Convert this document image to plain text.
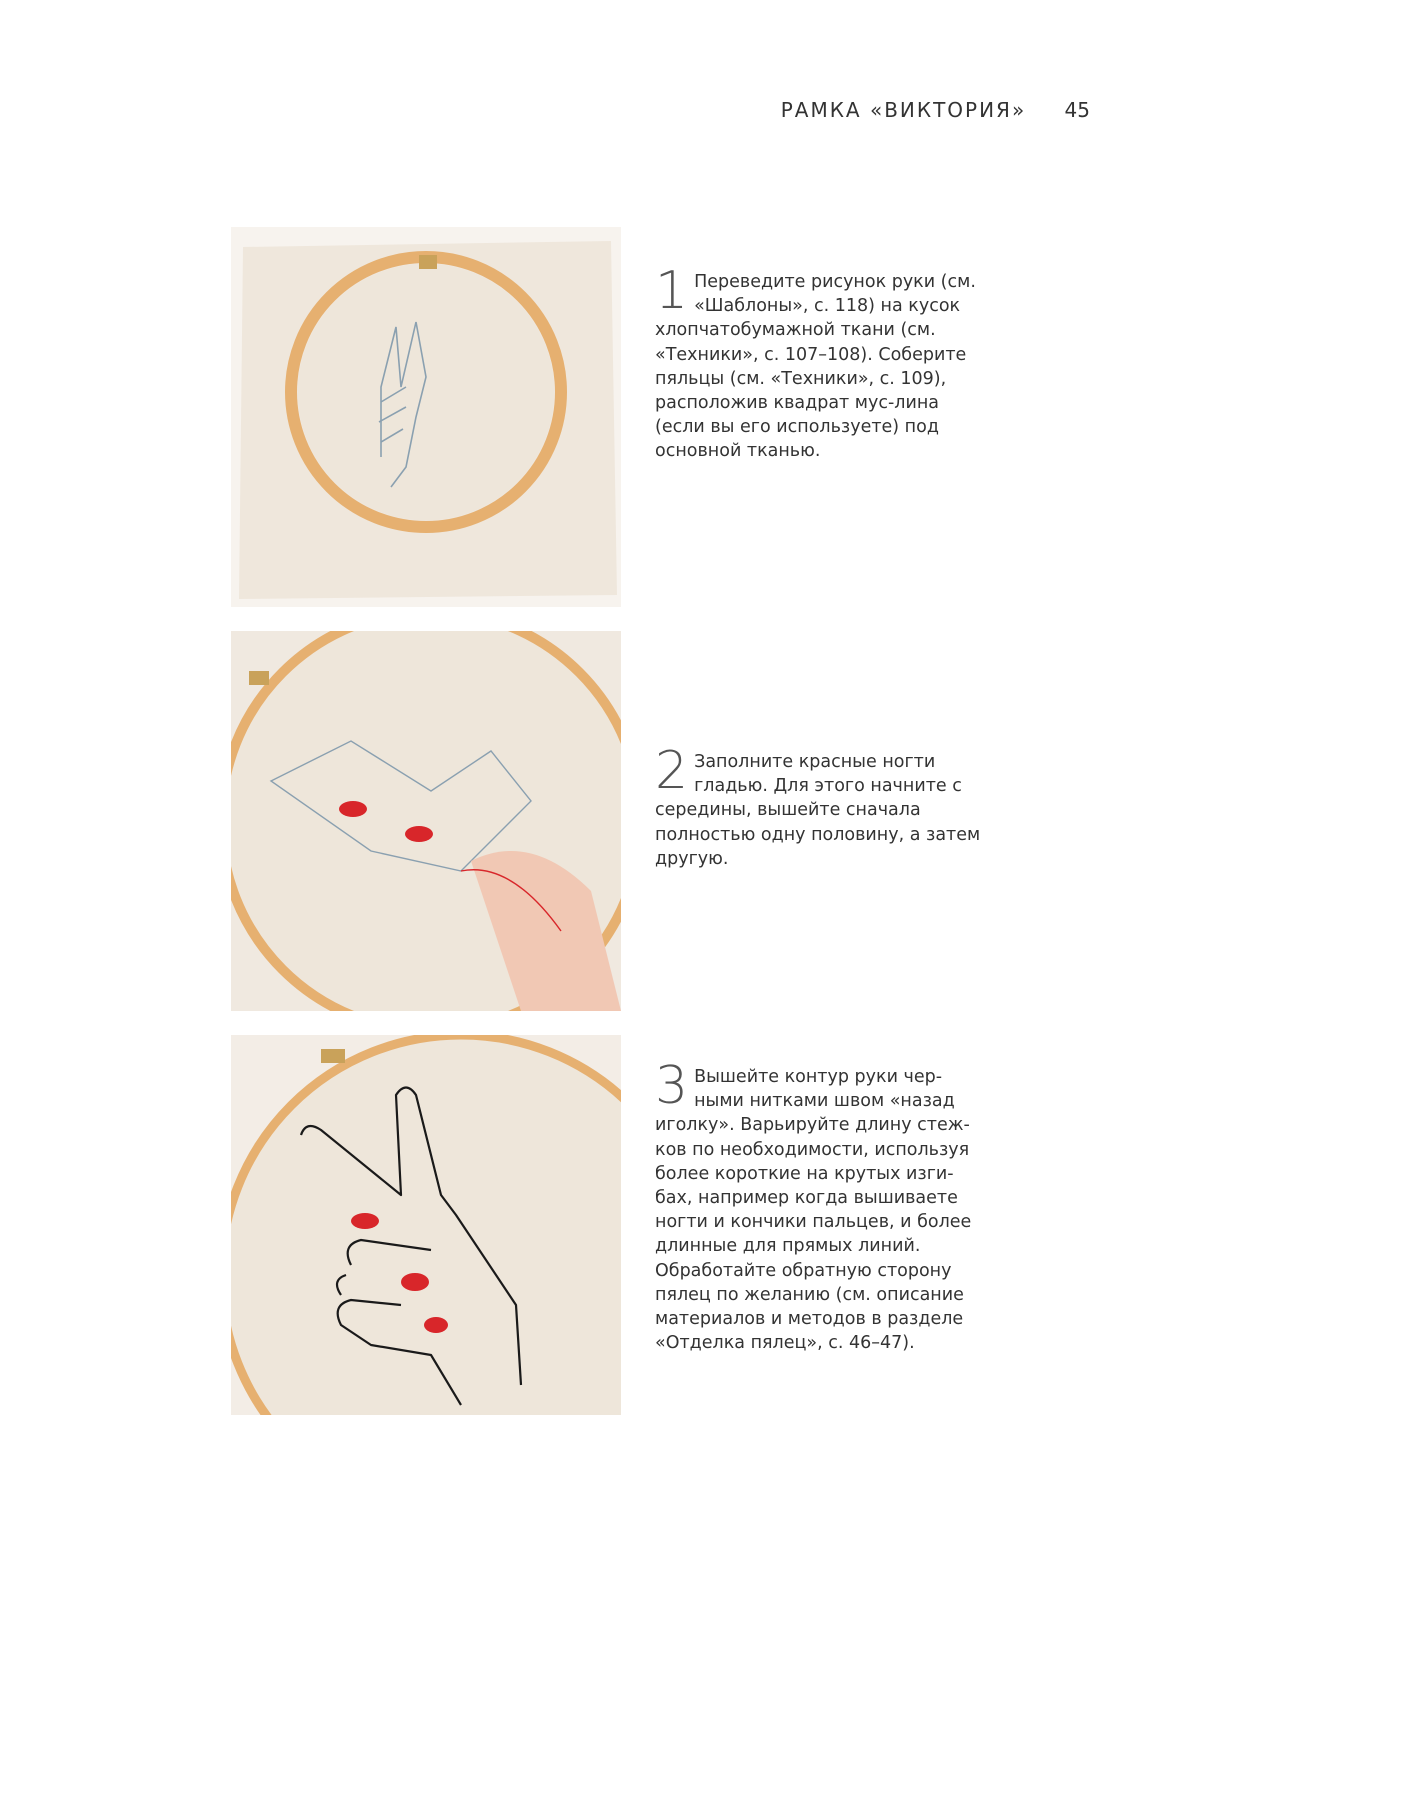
РАМКА «ВИКТОРИЯ» 45
1 Переведите рисунок руки (см. «Шаблоны», с. 118) на кусок хлопчатобумажной ткани (см. «Техники», с. 107–108). Соберите пяльцы (см. «Техники», с. 109), расположив квадрат мус-лина (если вы его используете) под основной тканью.

2 Заполните красные ногти гладью. Для этого начните с середины, вышейте сначала полностью одну половину, а затем другую.

3 Вышейте контур руки чер-ными нитками швом «назад иголку». Варьируйте длину стеж-ков по необходимости, используя более короткие на крутых изги-бах, например когда вышиваете ногти и кончики пальцев, и более длинные для прямых линий. Обработайте обратную сторону пялец по желанию (см. описание материалов и методов в разделе «Отделка пялец», с. 46–47).
